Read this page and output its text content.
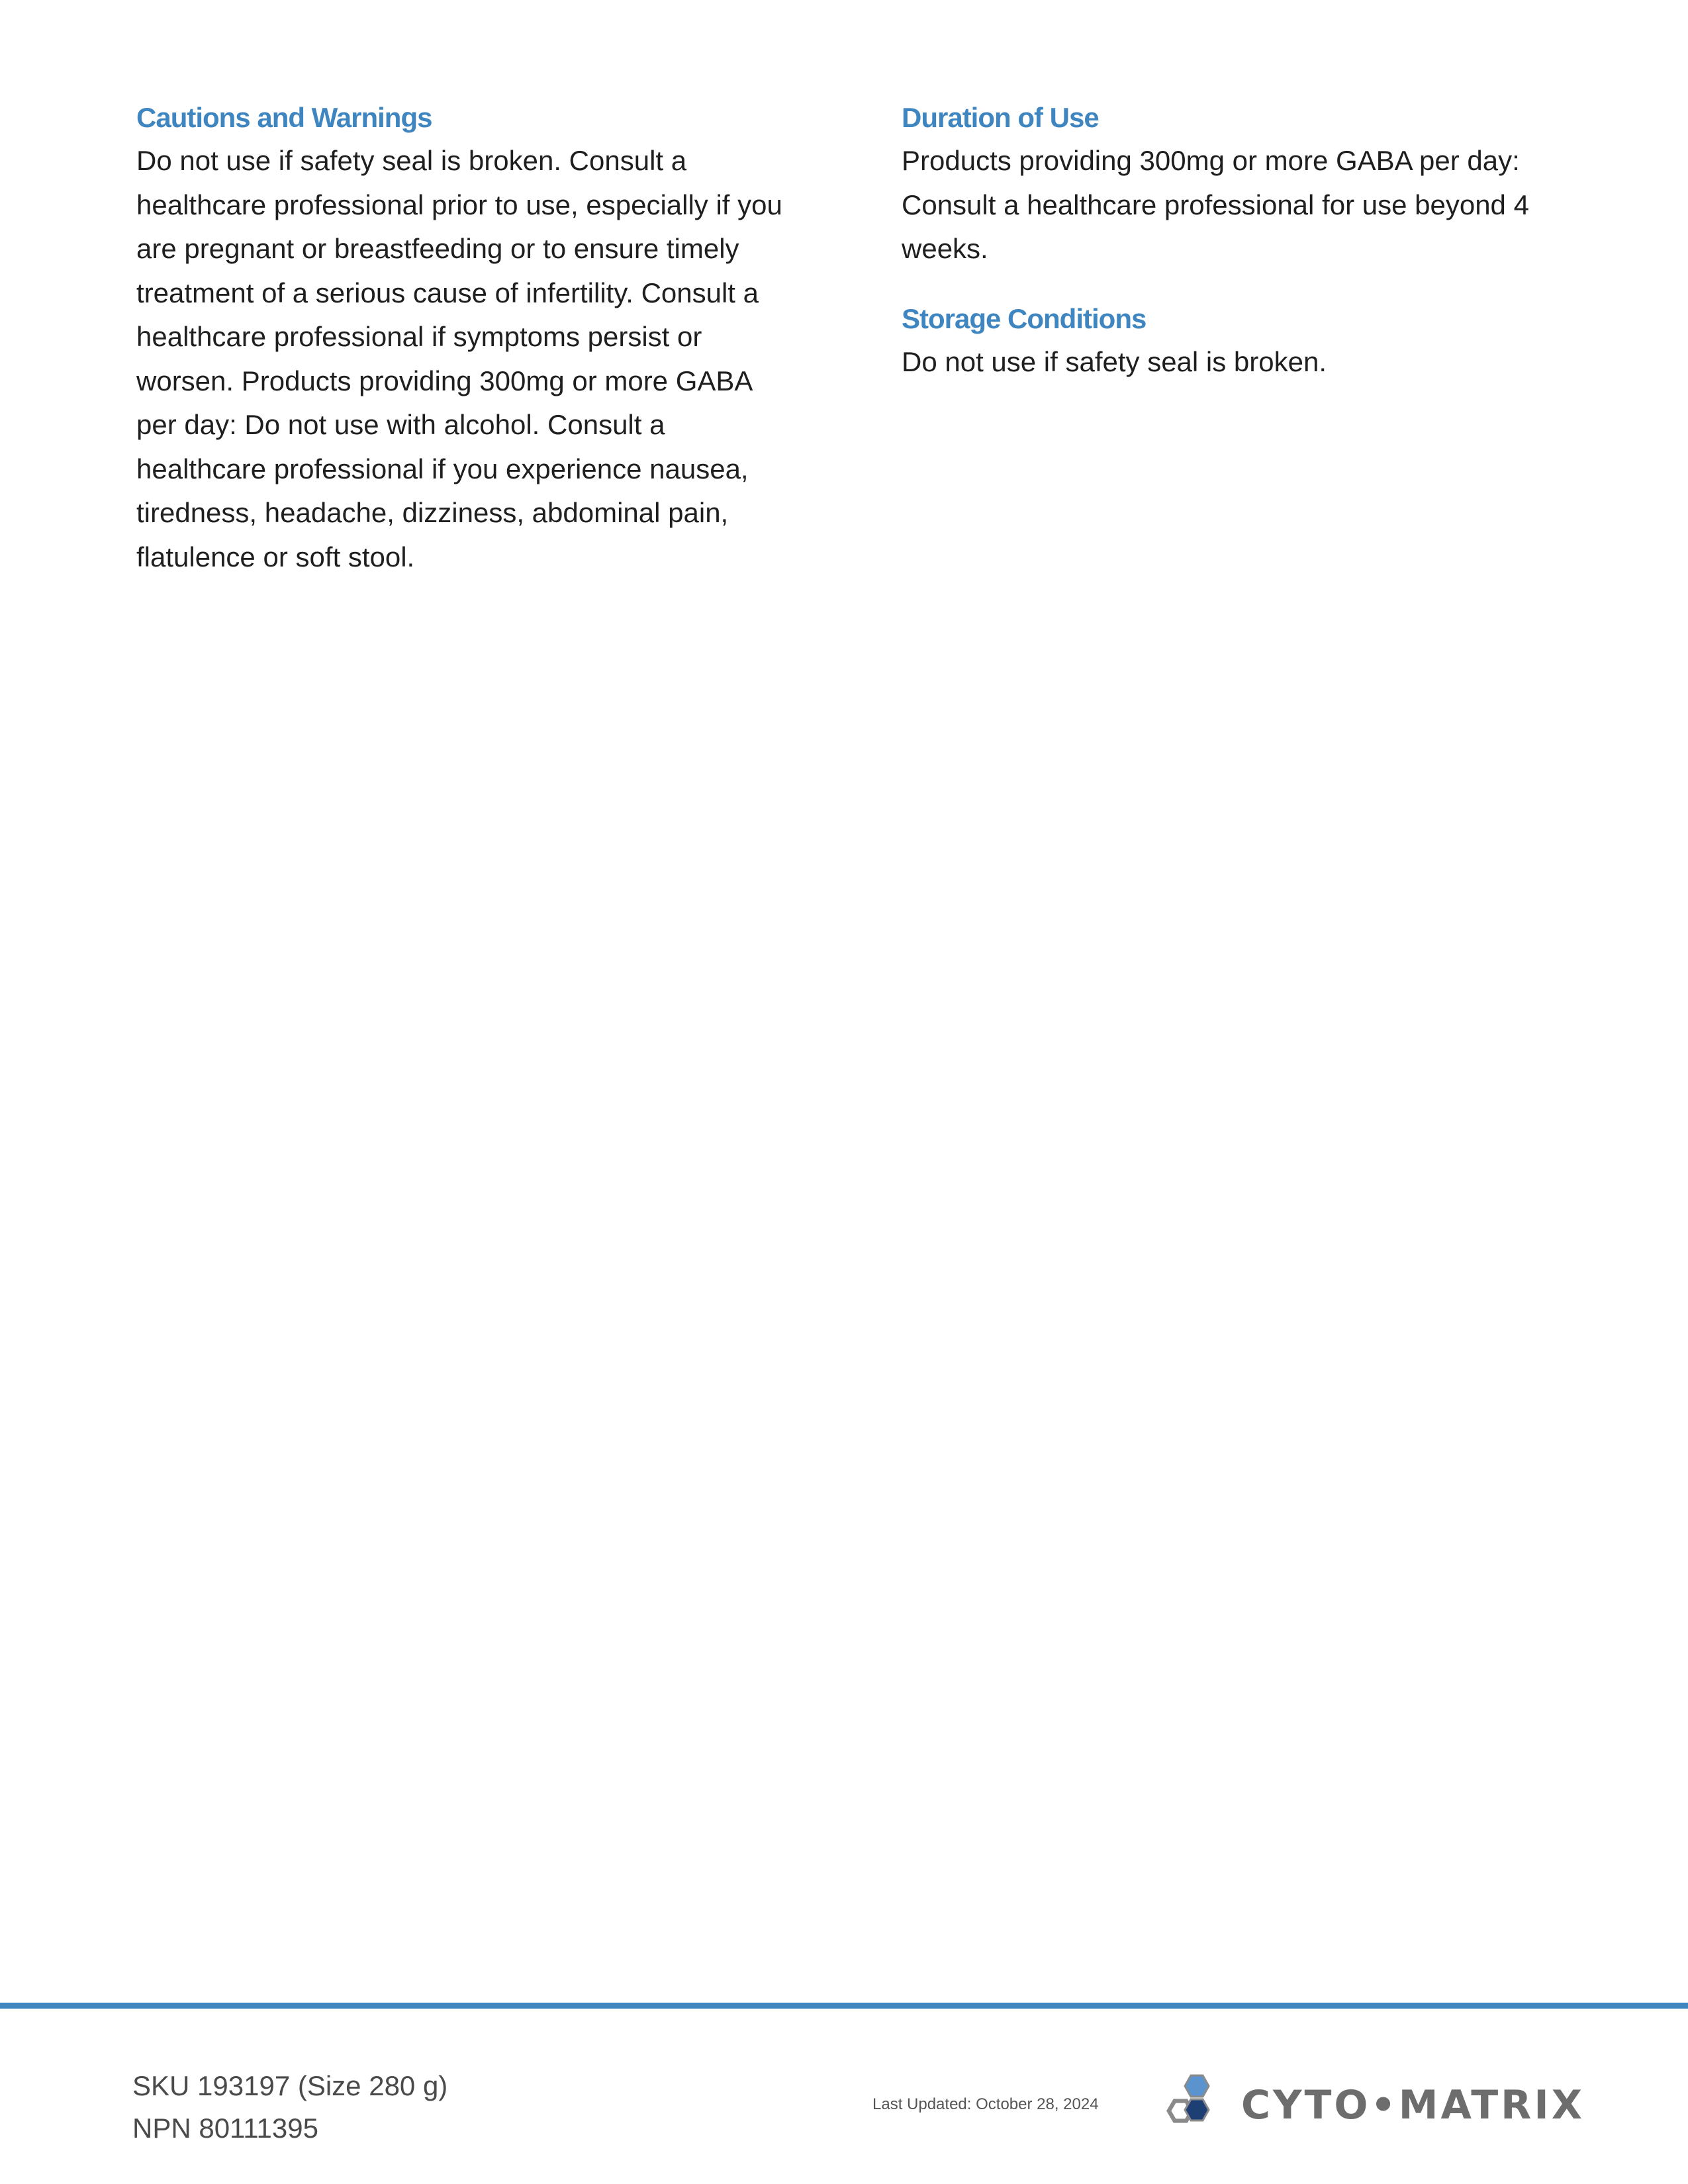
Cautions and Warnings
Do not use if safety seal is broken. Consult a
healthcare professional prior to use, especially if you
are pregnant or breastfeeding or to ensure timely
treatment of a serious cause of infertility. Consult a
healthcare professional if symptoms persist or
worsen. Products providing 300mg or more GABA
per day: Do not use with alcohol. Consult a
healthcare professional if you experience nausea,
tiredness, headache, dizziness, abdominal pain,
flatulence or soft stool.
Duration of Use
Products providing 300mg or more GABA per day:
Consult a healthcare professional for use beyond 4
weeks.
Storage Conditions
Do not use if safety seal is broken.
SKU 193197 (Size 280 g)
NPN 80111395
Last Updated: October 28, 2024	CYTO•MATRIX
